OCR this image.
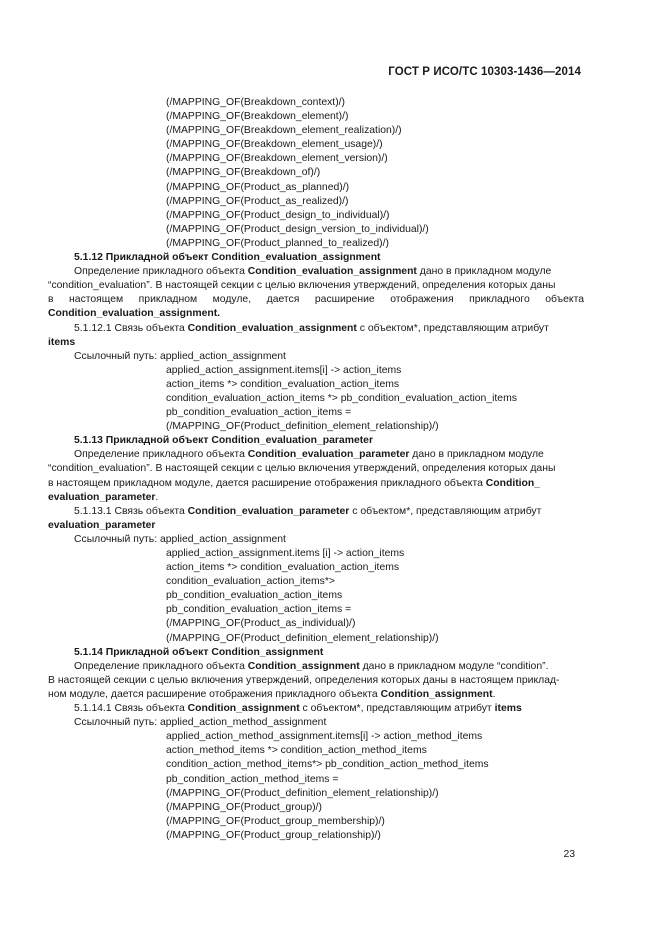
ГОСТ Р ИСО/ТС 10303-1436—2014
(/MAPPING_OF(Breakdown_context)/)
(/MAPPING_OF(Breakdown_element)/)
(/MAPPING_OF(Breakdown_element_realization)/)
(/MAPPING_OF(Breakdown_element_usage)/)
(/MAPPING_OF(Breakdown_element_version)/)
(/MAPPING_OF(Breakdown_of)/)
(/MAPPING_OF(Product_as_planned)/)
(/MAPPING_OF(Product_as_realized)/)
(/MAPPING_OF(Product_design_to_individual)/)
(/MAPPING_OF(Product_design_version_to_individual)/)
(/MAPPING_OF(Product_planned_to_realized)/)
5.1.12 Прикладной объект Condition_evaluation_assignment
Определение прикладного объекта Condition_evaluation_assignment дано в прикладном модуле
“condition_evaluation”. В настоящей секции с целью включения утверждений, определения которых даны
в настоящем прикладном модуле, дается расширение отображения прикладного объекта
Condition_evaluation_assignment.
5.1.12.1 Связь объекта Condition_evaluation_assignment с объектом*, представляющим атрибут
items
Ссылочный путь: applied_action_assignment
applied_action_assignment.items[i] -> action_items
action_items *> condition_evaluation_action_items
condition_evaluation_action_items *> pb_condition_evaluation_action_items
pb_condition_evaluation_action_items =
(/MAPPING_OF(Product_definition_element_relationship)/)
5.1.13 Прикладной объект Condition_evaluation_parameter
Определение прикладного объекта Condition_evaluation_parameter дано в прикладном модуле
“condition_evaluation”. В настоящей секции с целью включения утверждений, определения которых даны
в настоящем прикладном модуле, дается расширение отображения прикладного объекта Condition_
evaluation_parameter.
5.1.13.1 Связь объекта Condition_evaluation_parameter с объектом*, представляющим атрибут
evaluation_parameter
Ссылочный путь: applied_action_assignment
applied_action_assignment.items [i] -> action_items
action_items *> condition_evaluation_action_items
condition_evaluation_action_items*>
pb_condition_evaluation_action_items
pb_condition_evaluation_action_items =
(/MAPPING_OF(Product_as_individual)/)
(/MAPPING_OF(Product_definition_element_relationship)/)
5.1.14 Прикладной объект Condition_assignment
Определение прикладного объекта Condition_assignment дано в прикладном модуле “condition”.
В настоящей секции с целью включения утверждений, определения которых даны в настоящем приклад-
ном модуле, дается расширение отображения прикладного объекта Condition_assignment.
5.1.14.1 Связь объекта Condition_assignment с объектом*, представляющим атрибут items
Ссылочный путь: applied_action_method_assignment
applied_action_method_assignment.items[i] -> action_method_items
action_method_items *> condition_action_method_items
condition_action_method_items*> pb_condition_action_method_items
pb_condition_action_method_items =
(/MAPPING_OF(Product_definition_element_relationship)/)
(/MAPPING_OF(Product_group)/)
(/MAPPING_OF(Product_group_membership)/)
(/MAPPING_OF(Product_group_relationship)/)
23
